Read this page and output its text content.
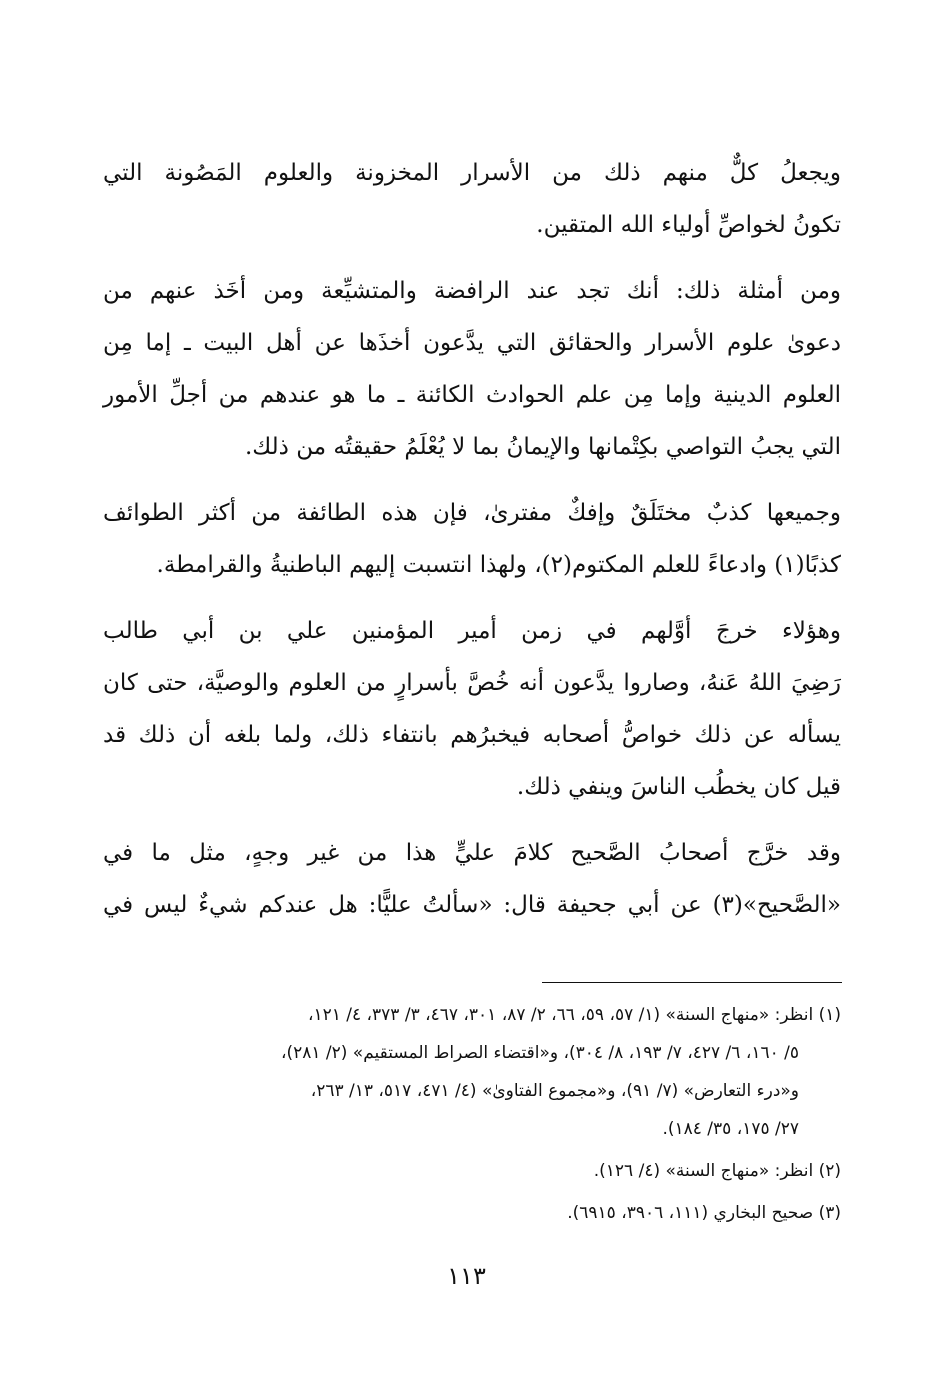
ويجعلُ كلٌّ منهم ذلك من الأسرار المخزونة والعلوم المَصُونة التي
تكونُ لخواصِّ أولياء الله المتقين.

ومن أمثلة ذلك: أنك تجد عند الرافضة والمتشيِّعة ومن أخَذ عنهم من
دعوىٰ علوم الأسرار والحقائق التي يدَّعون أخذَها عن أهل البيت ـ إما مِن
العلوم الدينية وإما مِن علم الحوادث الكائنة ـ ما هو عندهم من أجلِّ الأمور
التي يجبُ التواصي بكِتْمانها والإيمانُ بما لا يُعْلَمُ حقيقتُه من ذلك.

وجميعها كذبٌ مختَلَقٌ وإفكٌ مفترىٰ، فإن هذه الطائفة من أكثر الطوائف
كذبًا(١) وادعاءً للعلم المكتوم(٢)، ولهذا انتسبت إليهم الباطنيةُ والقرامطة.

وهؤلاء خرجَ أوَّلهم في زمن أمير المؤمنين علي بن أبي طالب
رَضِيَ اللهُ عَنهُ، وصاروا يدَّعون أنه خُصَّ بأسرارٍ من العلوم والوصيَّة، حتى كان
يسأله عن ذلك خواصُّ أصحابه فيخبرُهم بانتفاء ذلك، ولما بلغه أن ذلك قد
قيل كان يخطُب الناسَ وينفي ذلك.

وقد خرَّج أصحابُ الصَّحيح كلامَ عليٍّ هذا من غير وجهٍ، مثل ما في
«الصَّحيح»(٣) عن أبي جحيفة قال: «سألتُ عليًّا: هل عندكم شيءٌ ليس في

(١) انظر: «منهاج السنة» (١/ ٥٧، ٥٩، ٦٦، ٢/ ٨٧، ٣٠١، ٤٦٧، ٣/ ٣٧٣، ٤/ ١٢١،
٥/ ١٦٠، ٦/ ٤٢٧، ٧/ ١٩٣، ٨/ ٣٠٤)، و«اقتضاء الصراط المستقيم» (٢/ ٢٨١)،
و«درء التعارض» (٧/ ٩١)، و«مجموع الفتاوىٰ» (٤/ ٤٧١، ٥١٧، ١٣/ ٢٦٣،
٢٧/ ١٧٥، ٣٥/ ١٨٤).
(٢) انظر: «منهاج السنة» (٤/ ١٢٦).
(٣) صحيح البخاري (١١١، ٣٩٠٦، ٦٩١٥).
١١٣
